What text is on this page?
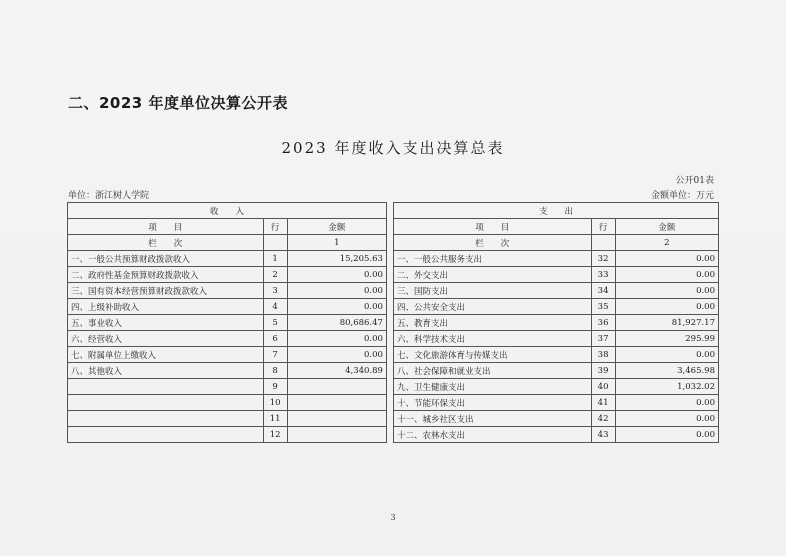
二、2023 年度单位决算公开表
2023 年度收入支出决算总表
公开01表
单位：浙江树人学院	金额单位：万元
收　　入				支　　出		
项　　目	行	金额		项　　目	行	金额
栏　　次		1		栏　　次		2
一、一般公共预算财政拨款收入	1	15,205.63		一、一般公共服务支出	32	0.00
二、政府性基金预算财政拨款收入	2	0.00		二、外交支出	33	0.00
三、国有资本经营预算财政拨款收入	3	0.00		三、国防支出	34	0.00
四、上级补助收入	4	0.00		四、公共安全支出	35	0.00
五、事业收入	5	80,686.47		五、教育支出	36	81,927.17
六、经营收入	6	0.00		六、科学技术支出	37	295.99
七、附属单位上缴收入	7	0.00		七、文化旅游体育与传媒支出	38	0.00
八、其他收入	8	4,340.89		八、社会保障和就业支出	39	3,465.98
	9			九、卫生健康支出	40	1,032.02
	10			十、节能环保支出	41	0.00
	11			十一、城乡社区支出	42	0.00
	12			十二、农林水支出	43	0.00
3
